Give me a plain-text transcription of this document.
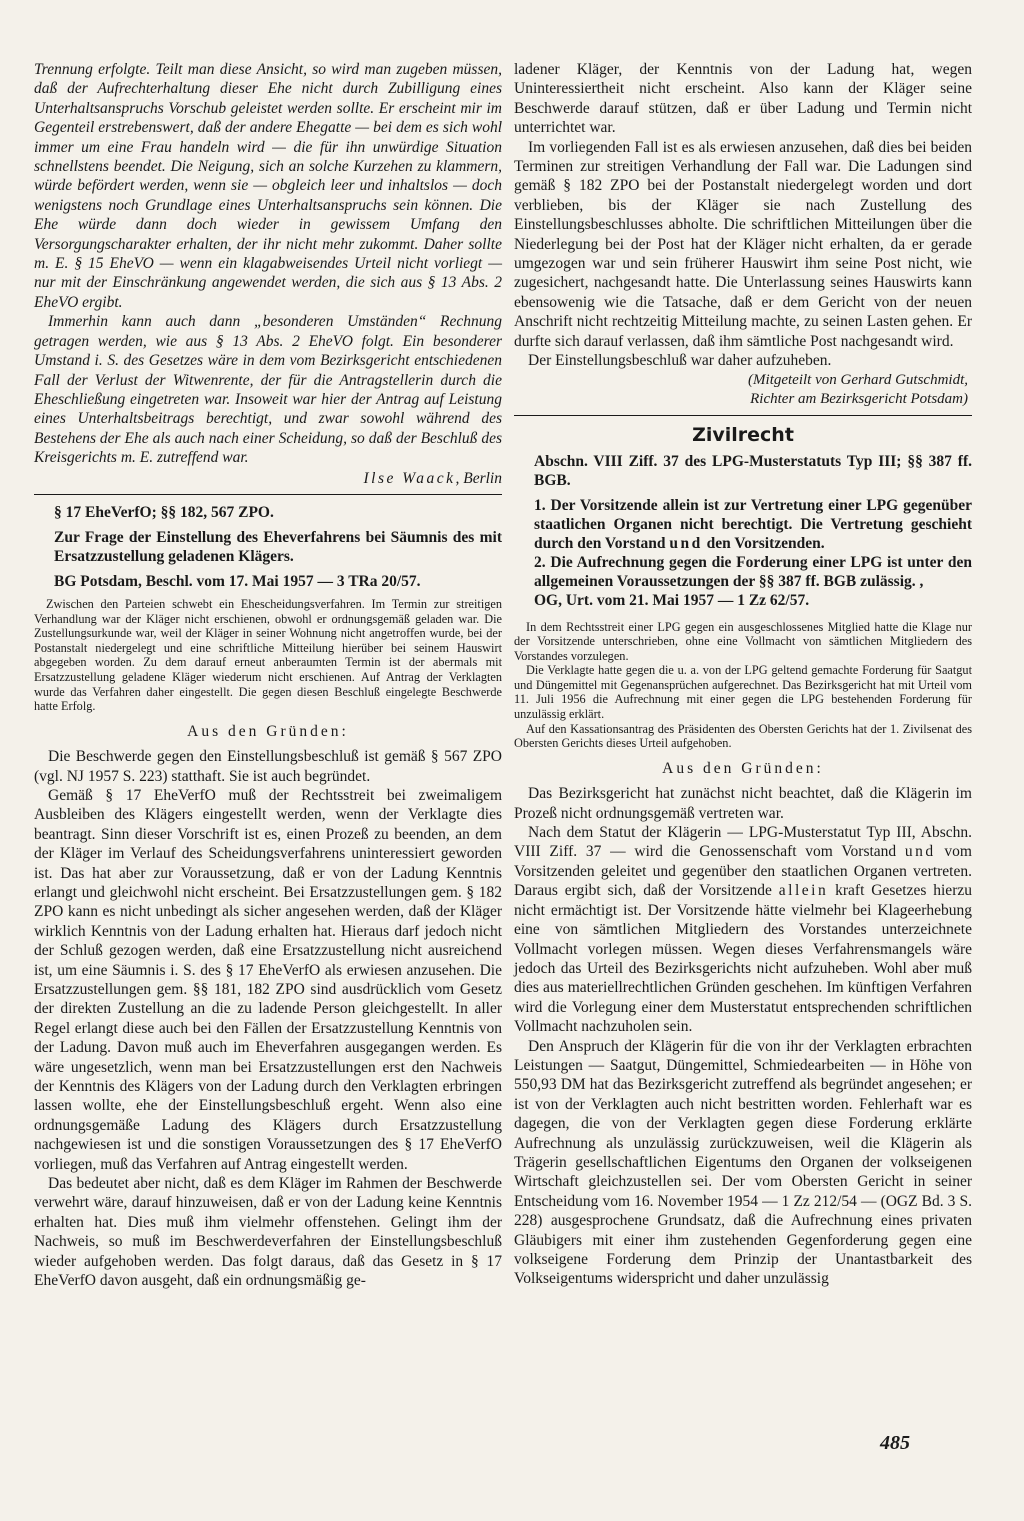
Trennung erfolgte. Teilt man diese Ansicht, so wird man zugeben müssen, daß der Aufrechterhaltung dieser Ehe nicht durch Zubilligung eines Unterhaltsanspruchs Vorschub geleistet werden sollte. Er erscheint mir im Gegenteil erstrebenswert, daß der andere Ehegatte — bei dem es sich wohl immer um eine Frau handeln wird — die für ihn unwürdige Situation schnellstens beendet. Die Neigung, sich an solche Kurzehen zu klammern, würde befördert werden, wenn sie — obgleich leer und inhaltslos — doch wenigstens noch Grundlage eines Unterhaltsanspruchs sein können. Die Ehe würde dann doch wieder in gewissem Umfang den Versorgungscharakter erhalten, der ihr nicht mehr zukommt. Daher sollte m. E. § 15 EheVO — wenn ein klagabweisendes Urteil nicht vorliegt — nur mit der Einschränkung angewendet werden, die sich aus § 13 Abs. 2 EheVO ergibt.

Immerhin kann auch dann „besonderen Umständen“ Rechnung getragen werden, wie aus § 13 Abs. 2 EheVO folgt. Ein besonderer Umstand i. S. des Gesetzes wäre in dem vom Bezirksgericht entschiedenen Fall der Verlust der Witwenrente, der für die Antragstellerin durch die Eheschließung eingetreten war. Insoweit war hier der Antrag auf Leistung eines Unterhaltsbeitrags berechtigt, und zwar sowohl während des Bestehens der Ehe als auch nach einer Scheidung, so daß der Beschluß des Kreisgerichts m. E. zutreffend war.

Ilse Waack, Berlin

§ 17 EheVerfO; §§ 182, 567 ZPO.

Zur Frage der Einstellung des Eheverfahrens bei Säumnis des mit Ersatzzustellung geladenen Klägers.

BG Potsdam, Beschl. vom 17. Mai 1957 — 3 TRa 20/57.

Zwischen den Parteien schwebt ein Ehescheidungsverfahren. Im Termin zur streitigen Verhandlung war der Kläger nicht erschienen, obwohl er ordnungsgemäß geladen war. Die Zustellungsurkunde war, weil der Kläger in seiner Wohnung nicht angetroffen wurde, bei der Postanstalt niedergelegt und eine schriftliche Mitteilung hierüber bei seinem Hauswirt abgegeben worden. Zu dem darauf erneut anberaumten Termin ist der abermals mit Ersatzzustellung geladene Kläger wiederum nicht erschienen. Auf Antrag der Verklagten wurde das Verfahren daher eingestellt. Die gegen diesen Beschluß eingelegte Beschwerde hatte Erfolg.

Aus den Gründen:

Die Beschwerde gegen den Einstellungsbeschluß ist gemäß § 567 ZPO (vgl. NJ 1957 S. 223) statthaft. Sie ist auch begründet.

Gemäß § 17 EheVerfO muß der Rechtsstreit bei zweimaligem Ausbleiben des Klägers eingestellt werden, wenn der Verklagte dies beantragt. Sinn dieser Vorschrift ist es, einen Prozeß zu beenden, an dem der Kläger im Verlauf des Scheidungsverfahrens uninteressiert geworden ist. Das hat aber zur Voraussetzung, daß er von der Ladung Kenntnis erlangt und gleichwohl nicht erscheint. Bei Ersatzzustellungen gem. § 182 ZPO kann es nicht unbedingt als sicher angesehen werden, daß der Kläger wirklich Kenntnis von der Ladung erhalten hat. Hieraus darf jedoch nicht der Schluß gezogen werden, daß eine Ersatzzustellung nicht ausreichend ist, um eine Säumnis i. S. des § 17 EheVerfO als erwiesen anzusehen. Die Ersatzzustellungen gem. §§ 181, 182 ZPO sind ausdrücklich vom Gesetz der direkten Zustellung an die zu ladende Person gleichgestellt. In aller Regel erlangt diese auch bei den Fällen der Ersatzzustellung Kenntnis von der Ladung. Davon muß auch im Eheverfahren ausgegangen werden. Es wäre ungesetzlich, wenn man bei Ersatzzustellungen erst den Nachweis der Kenntnis des Klägers von der Ladung durch den Verklagten erbringen lassen wollte, ehe der Einstellungsbeschluß ergeht. Wenn also eine ordnungsgemäße Ladung des Klägers durch Ersatzzustellung nachgewiesen ist und die sonstigen Voraussetzungen des § 17 EheVerfO vorliegen, muß das Verfahren auf Antrag eingestellt werden.

Das bedeutet aber nicht, daß es dem Kläger im Rahmen der Beschwerde verwehrt wäre, darauf hinzuweisen, daß er von der Ladung keine Kenntnis erhalten hat. Dies muß ihm vielmehr offenstehen. Gelingt ihm der Nachweis, so muß im Beschwerdeverfahren der Einstellungsbeschluß wieder aufgehoben werden. Das folgt daraus, daß das Gesetz in § 17 EheVerfO davon ausgeht, daß ein ordnungsmäßig ge-

ladener Kläger, der Kenntnis von der Ladung hat, wegen Uninteressiertheit nicht erscheint. Also kann der Kläger seine Beschwerde darauf stützen, daß er über Ladung und Termin nicht unterrichtet war.

Im vorliegenden Fall ist es als erwiesen anzusehen, daß dies bei beiden Terminen zur streitigen Verhandlung der Fall war. Die Ladungen sind gemäß § 182 ZPO bei der Postanstalt niedergelegt worden und dort verblieben, bis der Kläger sie nach Zustellung des Einstellungsbeschlusses abholte. Die schriftlichen Mitteilungen über die Niederlegung bei der Post hat der Kläger nicht erhalten, da er gerade umgezogen war und sein früherer Hauswirt ihm seine Post nicht, wie zugesichert, nachgesandt hatte. Die Unterlassung seines Hauswirts kann ebensowenig wie die Tatsache, daß er dem Gericht von der neuen Anschrift nicht rechtzeitig Mitteilung machte, zu seinen Lasten gehen. Er durfte sich darauf verlassen, daß ihm sämtliche Post nachgesandt wird.

Der Einstellungsbeschluß war daher aufzuheben.

(Mitgeteilt von Gerhard Gutschmidt,

Richter am Bezirksgericht Potsdam)

Zivilrecht

Abschn. VIII Ziff. 37 des LPG-Musterstatuts Typ III; §§ 387 ff. BGB.

1. Der Vorsitzende allein ist zur Vertretung einer LPG gegenüber staatlichen Organen nicht berechtigt. Die Vertretung geschieht durch den Vorstand und den Vorsitzenden.

2. Die Aufrechnung gegen die Forderung einer LPG ist unter den allgemeinen Voraussetzungen der §§ 387 ff. BGB zulässig. ,

OG, Urt. vom 21. Mai 1957 — 1 Zz 62/57.

In dem Rechtsstreit einer LPG gegen ein ausgeschlossenes Mitglied hatte die Klage nur der Vorsitzende unterschrieben, ohne eine Vollmacht von sämtlichen Mitgliedern des Vorstandes vorzulegen.

Die Verklagte hatte gegen die u. a. von der LPG geltend gemachte Forderung für Saatgut und Düngemittel mit Gegenansprüchen aufgerechnet. Das Bezirksgericht hat mit Urteil vom 11. Juli 1956 die Aufrechnung mit einer gegen die LPG bestehenden Forderung für unzulässig erklärt.

Auf den Kassationsantrag des Präsidenten des Obersten Gerichts hat der 1. Zivilsenat des Obersten Gerichts dieses Urteil aufgehoben.

Aus den Gründen:

Das Bezirksgericht hat zunächst nicht beachtet, daß die Klägerin im Prozeß nicht ordnungsgemäß vertreten war.

Nach dem Statut der Klägerin — LPG-Musterstatut Typ III, Abschn. VIII Ziff. 37 — wird die Genossenschaft vom Vorstand und vom Vorsitzenden geleitet und gegenüber den staatlichen Organen vertreten. Daraus ergibt sich, daß der Vorsitzende allein kraft Gesetzes hierzu nicht ermächtigt ist. Der Vorsitzende hätte vielmehr bei Klageerhebung eine von sämtlichen Mitgliedern des Vorstandes unterzeichnete Vollmacht vorlegen müssen. Wegen dieses Verfahrensmangels wäre jedoch das Urteil des Bezirksgerichts nicht aufzuheben. Wohl aber muß dies aus materiellrechtlichen Gründen geschehen. Im künftigen Verfahren wird die Vorlegung einer dem Musterstatut entsprechenden schriftlichen Vollmacht nachzuholen sein.

Den Anspruch der Klägerin für die von ihr der Verklagten erbrachten Leistungen — Saatgut, Düngemittel, Schmiedearbeiten — in Höhe von 550,93 DM hat das Bezirksgericht zutreffend als begründet angesehen; er ist von der Verklagten auch nicht bestritten worden. Fehlerhaft war es dagegen, die von der Verklagten gegen diese Forderung erklärte Aufrechnung als unzulässig zurückzuweisen, weil die Klägerin als Trägerin gesellschaftlichen Eigentums den Organen der volkseigenen Wirtschaft gleichzustellen sei. Der vom Obersten Gericht in seiner Entscheidung vom 16. November 1954 — 1 Zz 212/54 — (OGZ Bd. 3 S. 228) ausgesprochene Grundsatz, daß die Aufrechnung eines privaten Gläubigers mit einer ihm zustehenden Gegenforderung gegen eine volkseigene Forderung dem Prinzip der Unantastbarkeit des Volkseigentums widerspricht und daher unzulässig

485
